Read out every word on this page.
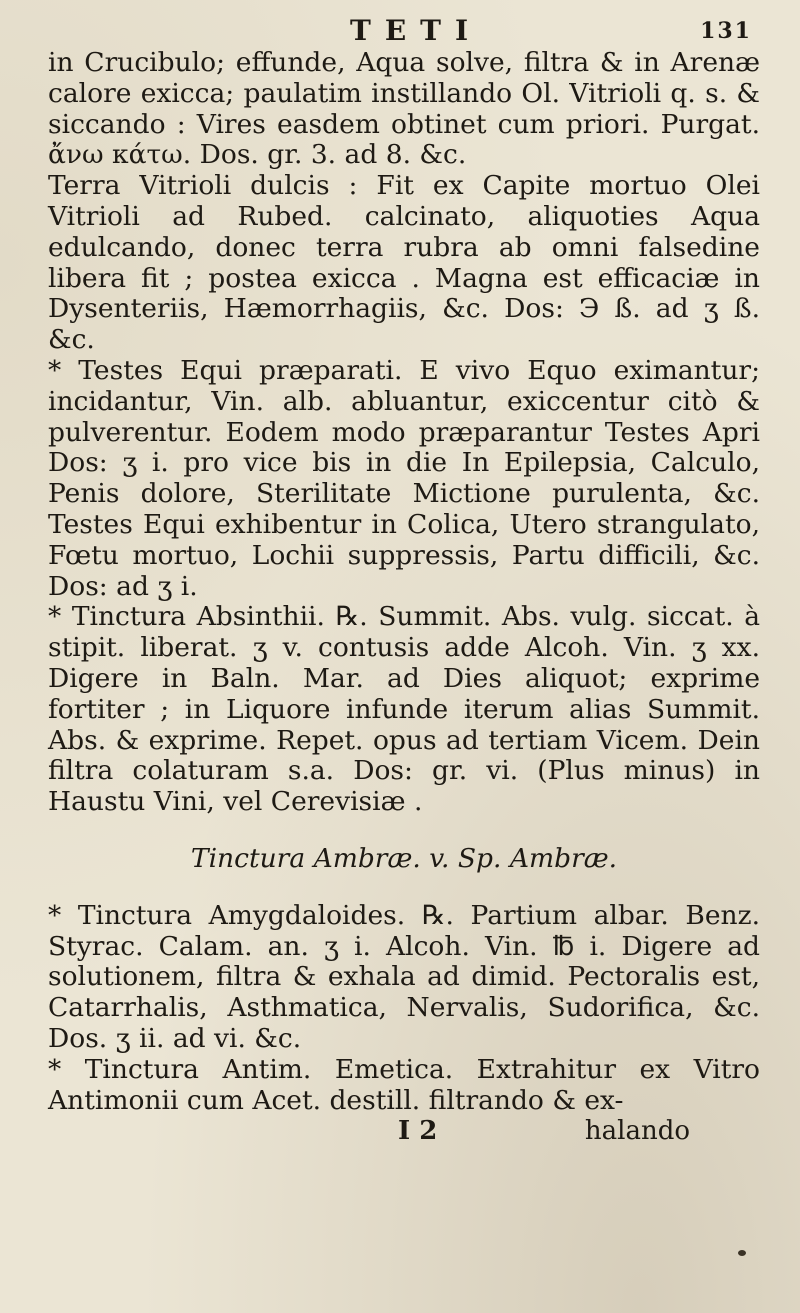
TETI	131

in Crucibulo; effunde, Aqua solve, filtra & in Arenæ calore exicca; paulatim instillando Ol. Vitrioli q. s. & siccando : Vires easdem obtinet cum priori. Purgat. ἄνω κάτω. Dos. gr. 3. ad 8. &c.

Terra Vitrioli dulcis : Fit ex Capite mortuo Olei Vitrioli ad Rubed. calcinato, aliquoties Aqua edulcando, donec terra rubra ab omni falsedine libera fit ; postea exicca . Magna est efficaciæ in Dysenteriis, Hæmorrhagiis, &c. Dos: Э ß. ad ʒ ß. &c.

* Testes Equi præparati. E vivo Equo eximantur; incidantur, Vin. alb. abluantur, exiccentur citò & pulverentur. Eodem modo præparantur Testes Apri Dos: ʒ i. pro vice bis in die In Epilepsia, Calculo, Penis dolore, Sterilitate Mictione purulenta, &c. Testes Equi exhibentur in Colica, Utero strangulato, Fœtu mortuo, Lochii suppressis, Partu difficili, &c. Dos: ad ʒ i.

* Tinctura Absinthii. ℞. Summit. Abs. vulg. siccat. à stipit. liberat. ʒ v. contusis adde Alcoh. Vin. ʒ xx. Digere in Baln. Mar. ad Dies aliquot; exprime fortiter ; in Liquore infunde iterum alias Summit. Abs. & exprime. Repet. opus ad tertiam Vicem. Dein filtra colaturam s.a. Dos: gr. vi. (Plus minus) in Haustu Vini, vel Cerevisiæ .

Tinctura Ambræ. v. Sp. Ambræ.

* Tinctura Amygdaloides. ℞. Partium albar. Benz. Styrac. Calam. an. ʒ i. Alcoh. Vin. ℔ i. Digere ad solutionem, filtra & exhala ad dimid. Pectoralis est, Catarrhalis, Asthmatica, Nervalis, Sudorifica, &c. Dos. ʒ ii. ad vi. &c.

* Tinctura Antim. Emetica. Extrahitur ex Vitro Antimonii cum Acet. destill. filtrando & ex-

I 2	halando
